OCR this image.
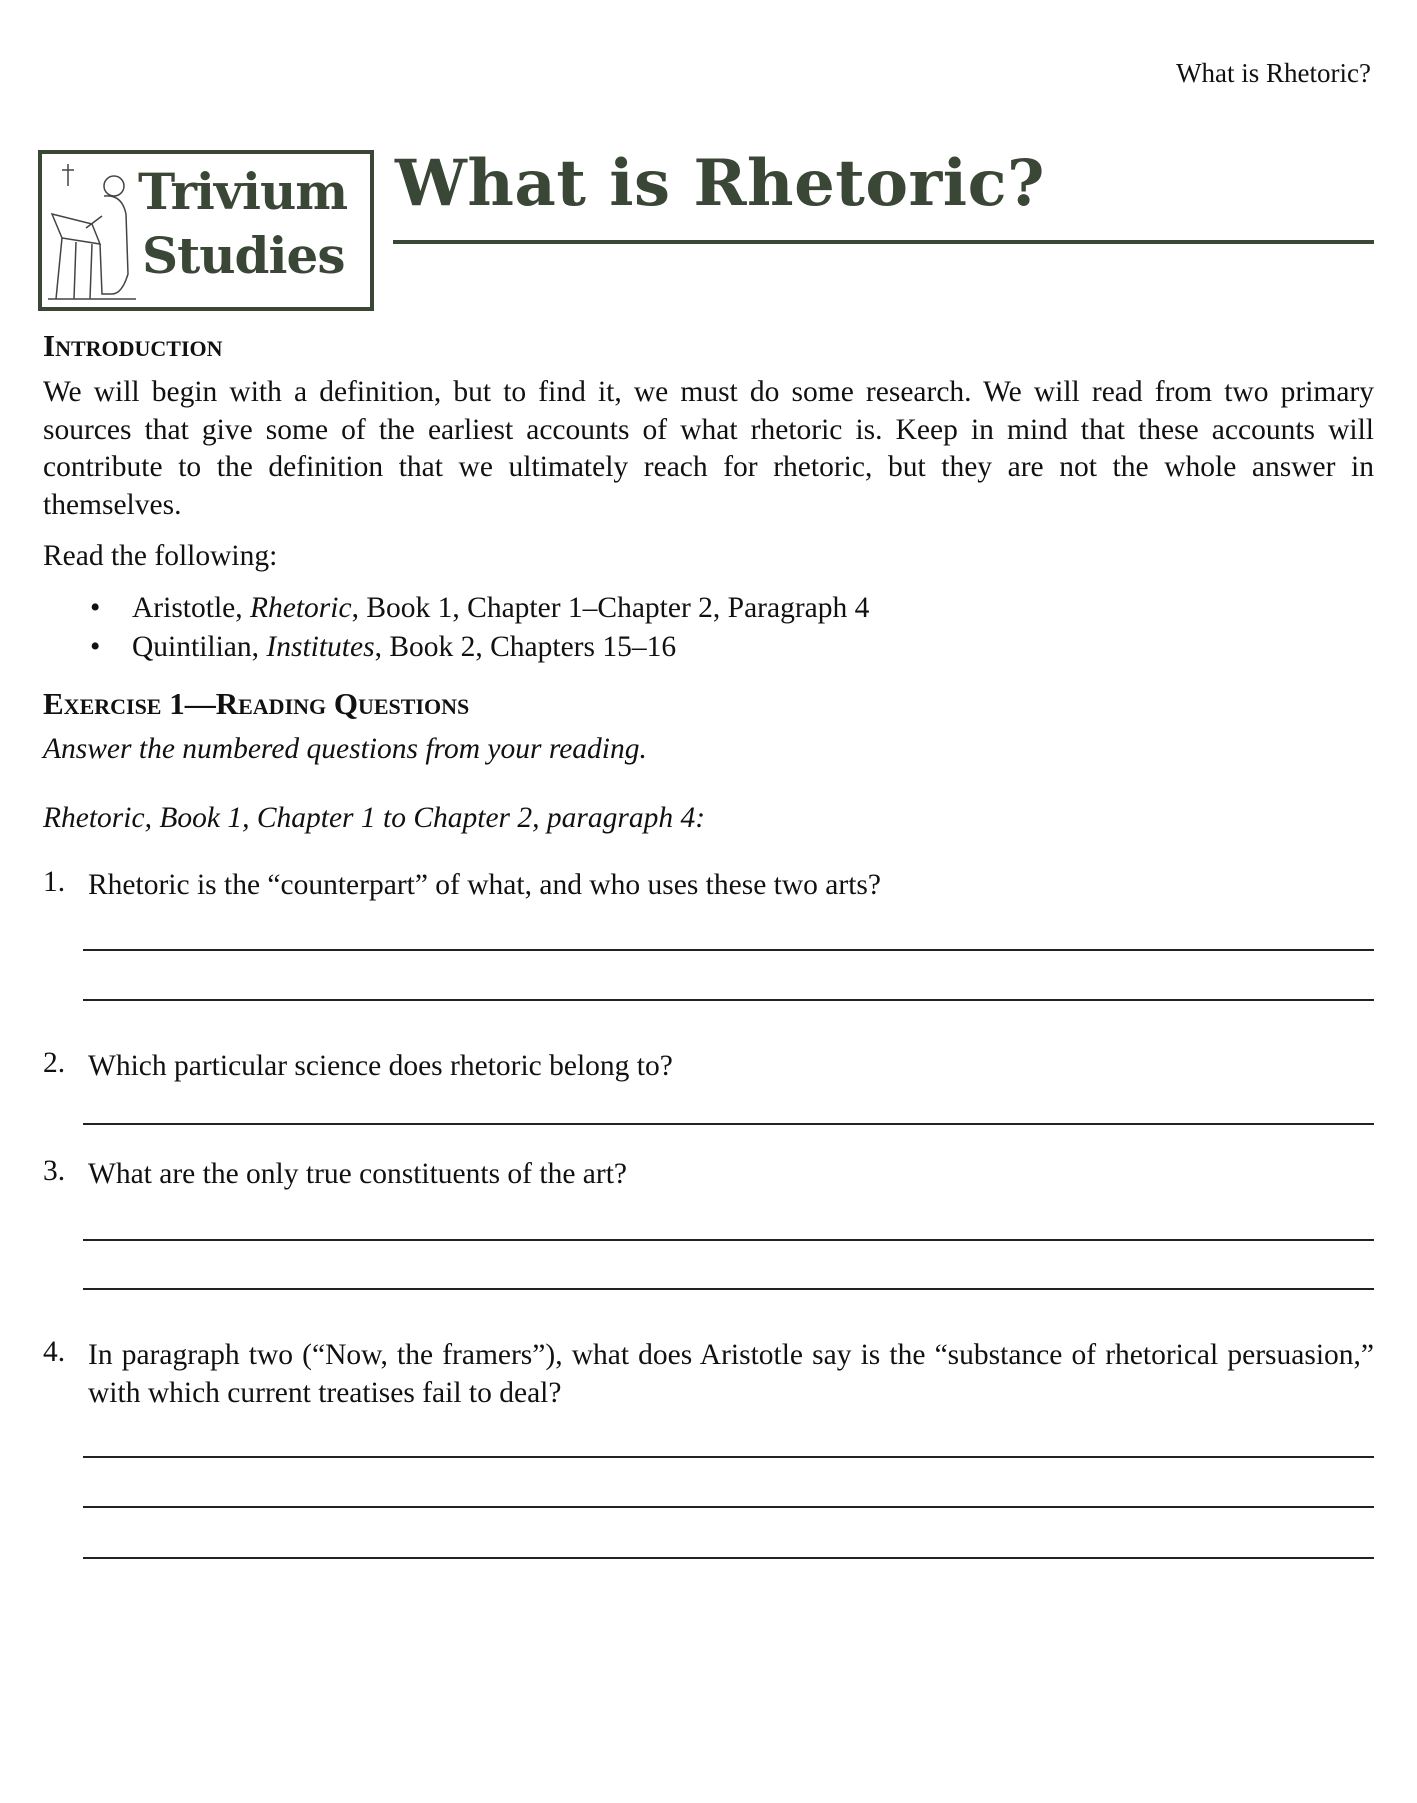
What is Rhetoric?
Trivium
Studies
What is Rhetoric?
Introduction
We will begin with a definition, but to find it, we must do some research. We will read from two primary sources that give some of the earliest accounts of what rhetoric is. Keep in mind that these accounts will contribute to the definition that we ultimately reach for rhetoric, but they are not the whole answer in themselves.
Read the following:
• Aristotle, Rhetoric, Book 1, Chapter 1–Chapter 2, Paragraph 4
• Quintilian, Institutes, Book 2, Chapters 15–16
Exercise 1—Reading Questions
Answer the numbered questions from your reading.
Rhetoric, Book 1, Chapter 1 to Chapter 2, paragraph 4:
1. Rhetoric is the “counterpart” of what, and who uses these two arts?
2. Which particular science does rhetoric belong to?
3. What are the only true constituents of the art?
4. In paragraph two (“Now, the framers”), what does Aristotle say is the “substance of rhetorical persuasion,” with which current treatises fail to deal?
